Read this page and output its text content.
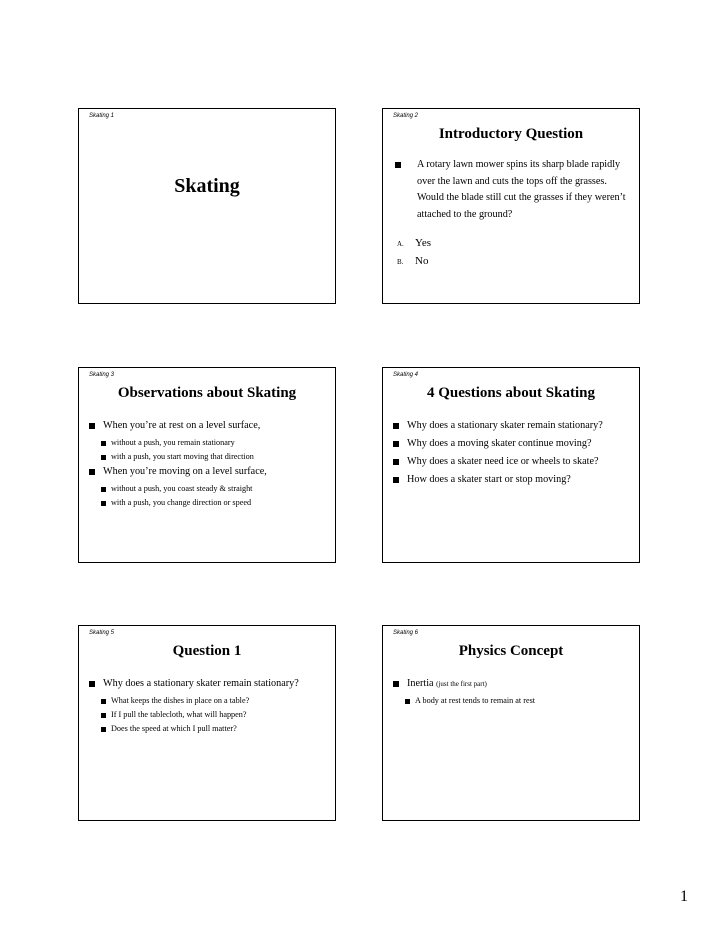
Skating 1
Skating
Skating 2
Introductory Question
A rotary lawn mower spins its sharp blade rapidly over the lawn and cuts the tops off the grasses. Would the blade still cut the grasses if they weren’t attached to the ground?
A. Yes
B. No
Skating 3
Observations about Skating
When you’re at rest on a level surface,
without a push, you remain stationary
with a push, you start moving that direction
When you’re moving on a level surface,
without a push, you coast steady & straight
with a push, you change direction or speed
Skating 4
4 Questions about Skating
Why does a stationary skater remain stationary?
Why does a moving skater continue moving?
Why does a skater need ice or wheels to skate?
How does a skater start or stop moving?
Skating 5
Question 1
Why does a stationary skater remain stationary?
What keeps the dishes in place on a table?
If I pull the tablecloth, what will happen?
Does the speed at which I pull matter?
Skating 6
Physics Concept
Inertia (just the first part)
A body at rest tends to remain at rest
1
